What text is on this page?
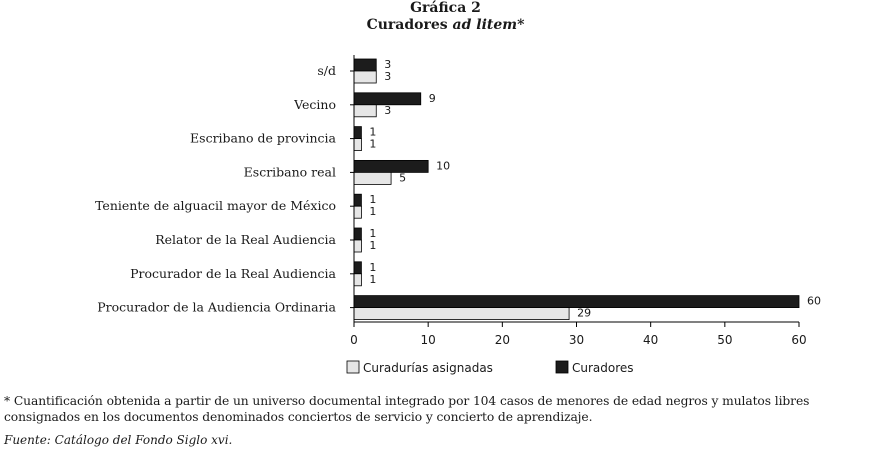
Gráfica 2
Curadores ad litem*
3
3
9
3
1
1
10
5
1
1
1
1
1
1
60
29
0	10	20	30	40	50	60
s/d
Vecino
Escribano de provincia
Escribano real
Teniente de alguacil mayor de México
Relator de la Real Audiencia
Procurador de la Real Audiencia
Procurador de la Audiencia Ordinaria
Curadurías asignadas	Curadores
* Cuantificación obtenida a partir de un universo documental integrado por 104 casos de menores de edad negros y mulatos libres consignados en los documentos denominados conciertos de servicio y concierto de aprendizaje.
Fuente: Catálogo del Fondo Siglo xvi.
